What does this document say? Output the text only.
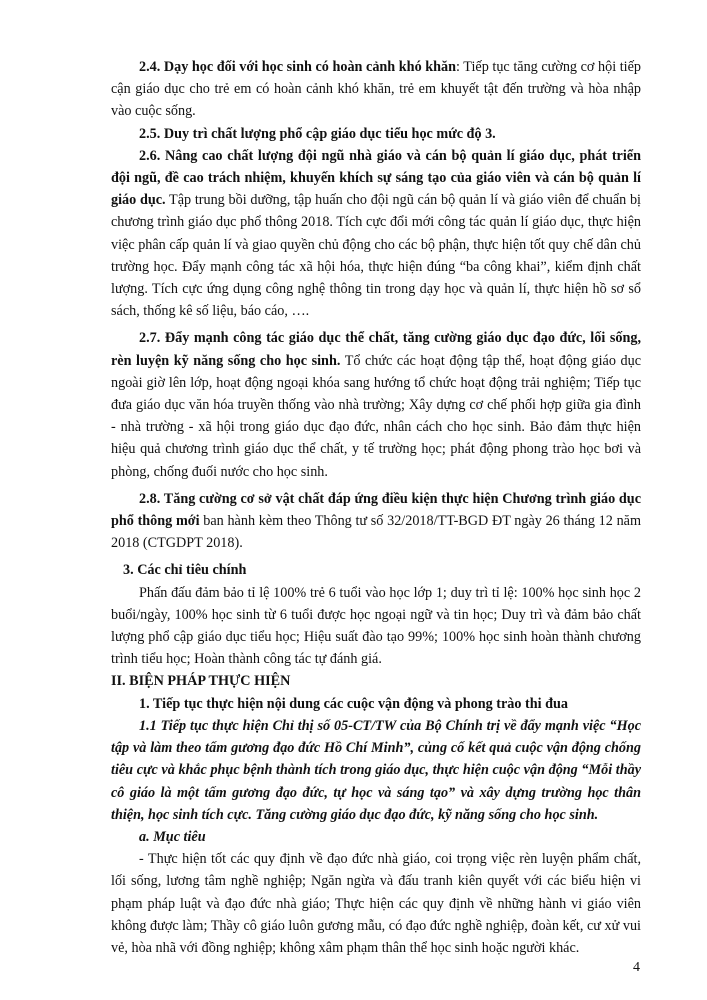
2.4. Dạy học đối với học sinh có hoàn cảnh khó khăn: Tiếp tục tăng cường cơ hội tiếp cận giáo dục cho trẻ em có hoàn cảnh khó khăn, trẻ em khuyết tật đến trường và hòa nhập vào cuộc sống.

2.5. Duy trì chất lượng phổ cập giáo dục tiểu học mức độ 3.

2.6. Nâng cao chất lượng đội ngũ nhà giáo và cán bộ quản lí giáo dục, phát triển đội ngũ, đề cao trách nhiệm, khuyến khích sự sáng tạo của giáo viên và cán bộ quản lí giáo dục. Tập trung bồi dưỡng, tập huấn cho đội ngũ cán bộ quản lí và giáo viên để chuẩn bị chương trình giáo dục phổ thông 2018. Tích cực đổi mới công tác quản lí giáo dục, thực hiện việc phân cấp quản lí và giao quyền chủ động cho các bộ phận, thực hiện tốt quy chế dân chủ trường học. Đẩy mạnh công tác xã hội hóa, thực hiện đúng “ba công khai”, kiểm định chất lượng. Tích cực ứng dụng công nghệ thông tin trong dạy học và quản lí, thực hiện hồ sơ sổ sách, thống kê số liệu, báo cáo, ….

2.7. Đẩy mạnh công tác giáo dục thể chất, tăng cường giáo dục đạo đức, lối sống, rèn luyện kỹ năng sống cho học sinh. Tổ chức các hoạt động tập thể, hoạt động giáo dục ngoài giờ lên lớp, hoạt động ngoại khóa sang hướng tổ chức hoạt động trải nghiệm; Tiếp tục đưa giáo dục văn hóa truyền thống vào nhà trường; Xây dựng cơ chế phối hợp giữa gia đình - nhà trường - xã hội trong giáo dục đạo đức, nhân cách cho học sinh. Bảo đảm thực hiện hiệu quả chương trình giáo dục thể chất, y tế trường học; phát động phong trào học bơi và phòng, chống đuối nước cho học sinh.

2.8. Tăng cường cơ sở vật chất đáp ứng điều kiện thực hiện Chương trình giáo dục phổ thông mới ban hành kèm theo Thông tư số 32/2018/TT-BGD ĐT ngày 26 tháng 12 năm 2018 (CTGDPT 2018).

3. Các chỉ tiêu chính

Phấn đấu đảm bảo tỉ lệ 100% trẻ 6 tuổi vào học lớp 1; duy trì tỉ lệ: 100% học sinh học 2 buổi/ngày, 100% học sinh từ 6 tuổi được học ngoại ngữ và tin học; Duy trì và đảm bảo chất lượng phổ cập giáo dục tiểu học; Hiệu suất đào tạo 99%; 100% học sinh hoàn thành chương trình tiểu học; Hoàn thành công tác tự đánh giá.

II. BIỆN PHÁP THỰC HIỆN

1. Tiếp tục thực hiện nội dung các cuộc vận động và phong trào thi đua

1.1 Tiếp tục thực hiện Chỉ thị số 05-CT/TW của Bộ Chính trị về đẩy mạnh việc “Học tập và làm theo tấm gương đạo đức Hồ Chí Minh”, củng cố kết quả cuộc vận động chống tiêu cực và khắc phục bệnh thành tích trong giáo dục, thực hiện cuộc vận động “Mỗi thầy cô giáo là một tấm gương đạo đức, tự học và sáng tạo” và xây dựng trường học thân thiện, học sinh tích cực. Tăng cường giáo dục đạo đức, kỹ năng sống cho học sinh.

a. Mục tiêu

- Thực hiện tốt các quy định về đạo đức nhà giáo, coi trọng việc rèn luyện phẩm chất, lối sống, lương tâm nghề nghiệp; Ngăn ngừa và đấu tranh kiên quyết với các biểu hiện vi phạm pháp luật và đạo đức nhà giáo; Thực hiện các quy định về những hành vi giáo viên không được làm; Thầy cô giáo luôn gương mẫu, có đạo đức nghề nghiệp, đoàn kết, cư xử vui vẻ, hòa nhã với đồng nghiệp; không xâm phạm thân thể học sinh hoặc người khác.

4
